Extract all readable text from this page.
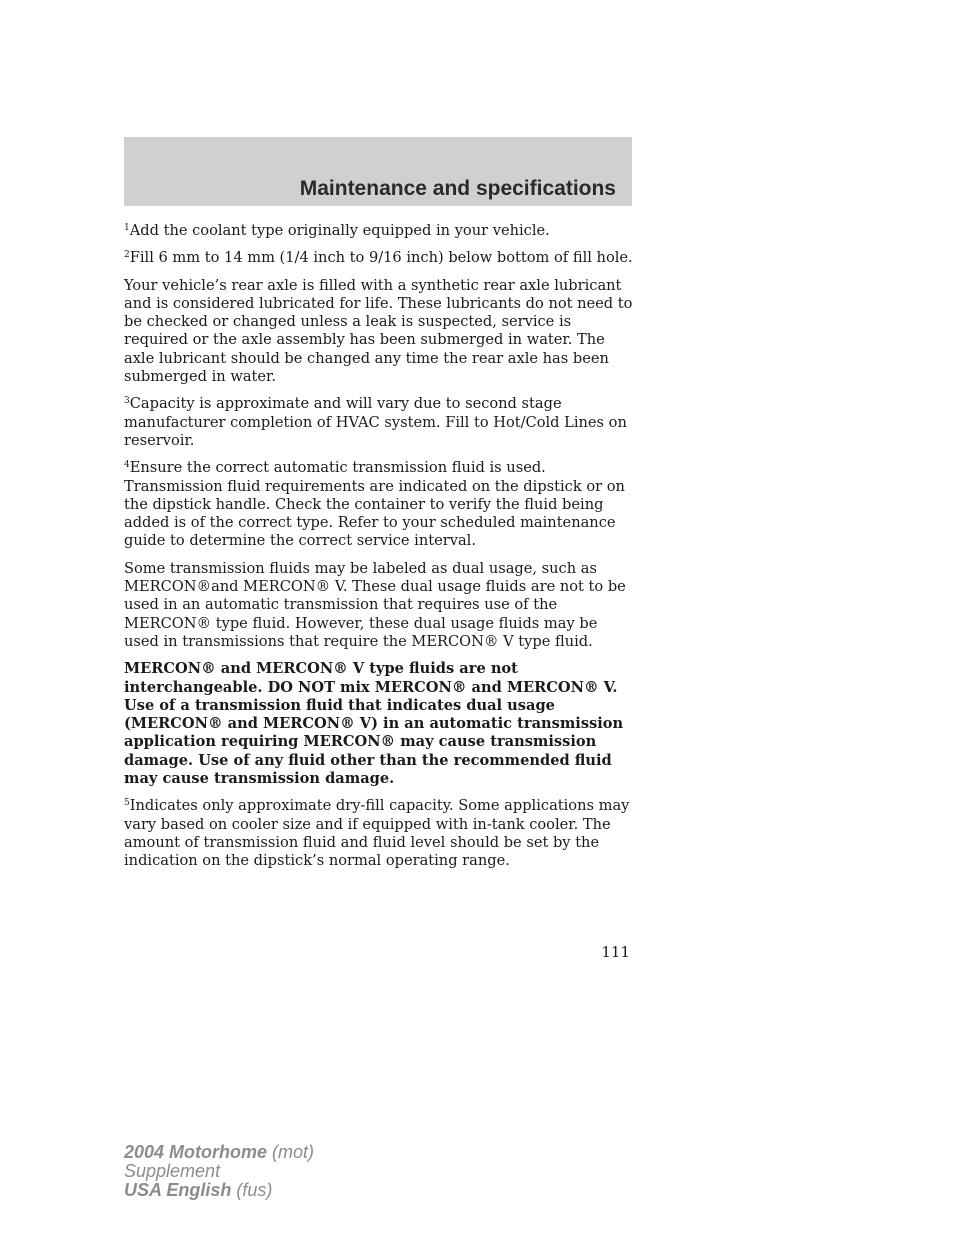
Maintenance and specifications

$^1$Add the coolant type originally equipped in your vehicle.

$^2$Fill 6 mm to 14 mm (1/4 inch to 9/16 inch) below bottom of fill hole.

Your vehicle’s rear axle is filled with a synthetic rear axle lubricant and is considered lubricated for life. These lubricants do not need to be checked or changed unless a leak is suspected, service is required or the axle assembly has been submerged in water. The axle lubricant should be changed any time the rear axle has been submerged in water.

$^3$Capacity is approximate and will vary due to second stage manufacturer completion of HVAC system. Fill to Hot/Cold Lines on reservoir.

$^4$Ensure the correct automatic transmission fluid is used. Transmission fluid requirements are indicated on the dipstick or on the dipstick handle. Check the container to verify the fluid being added is of the correct type. Refer to your scheduled maintenance guide to determine the correct service interval.

Some transmission fluids may be labeled as dual usage, such as MERCON®and MERCON® V. These dual usage fluids are not to be used in an automatic transmission that requires use of the MERCON® type fluid. However, these dual usage fluids may be used in transmissions that require the MERCON® V type fluid.

MERCON® and MERCON® V type fluids are not interchangeable. DO NOT mix MERCON® and MERCON® V. Use of a transmission fluid that indicates dual usage (MERCON® and MERCON® V) in an automatic transmission application requiring MERCON® may cause transmission damage. Use of any fluid other than the recommended fluid may cause transmission damage.

$^5$Indicates only approximate dry-fill capacity. Some applications may vary based on cooler size and if equipped with in-tank cooler. The amount of transmission fluid and fluid level should be set by the indication on the dipstick’s normal operating range.

111
2004 Motorhome (mot)
Supplement
USA English (fus)
